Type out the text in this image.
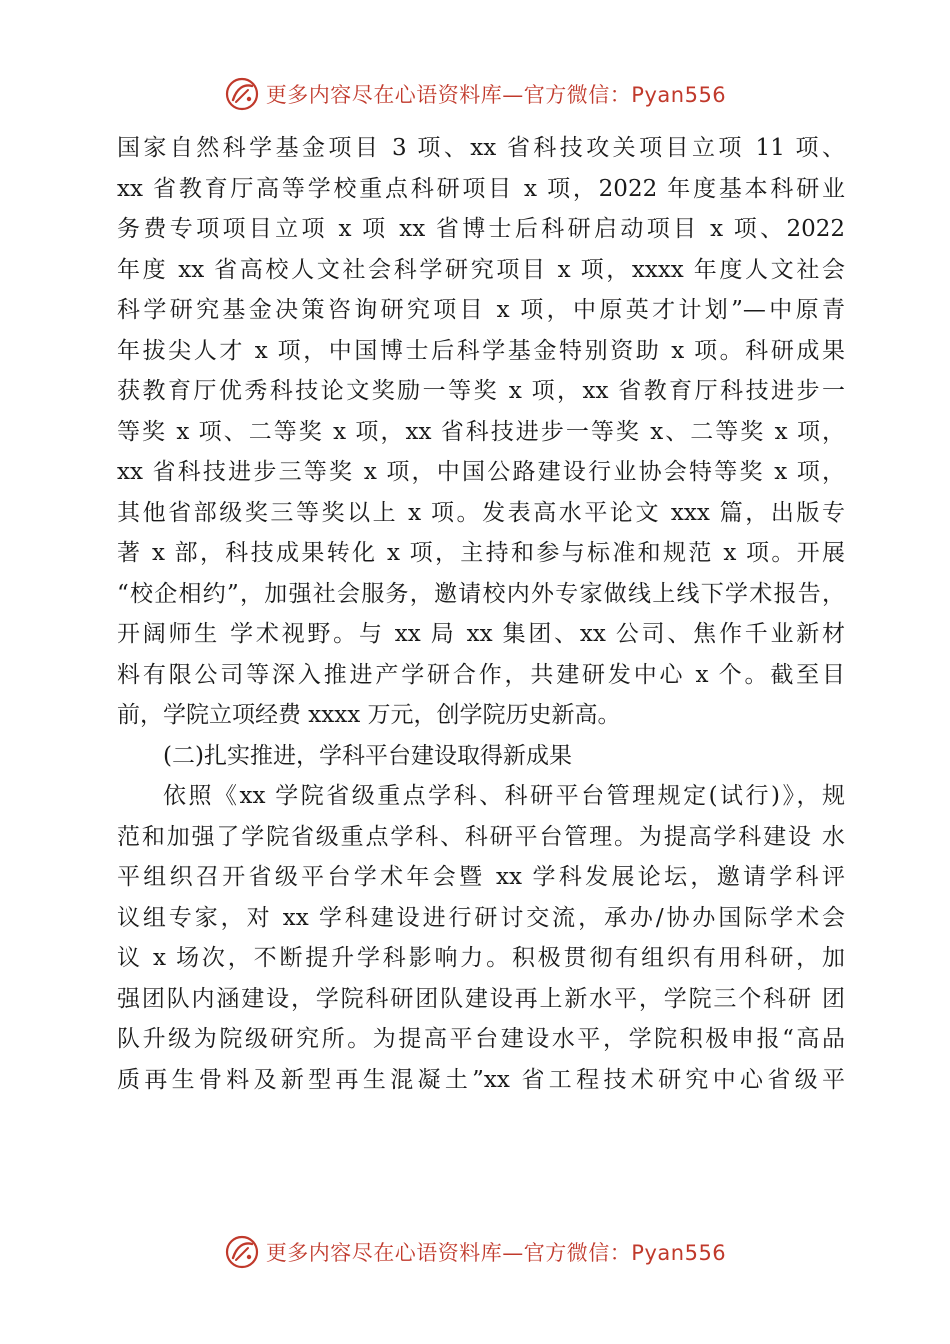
更多内容尽在心语资料库—官方微信：Pyan556
国家自然科学基金项目 3 项、xx 省科技攻关项目立项 11 项、
xx 省教育厅高等学校重点科研项目 x 项，2022 年度基本科研业
务费专项项目立项 x 项 xx 省博士后科研启动项目 x 项、2022
年度 xx 省高校人文社会科学研究项目 x 项，xxxx 年度人文社会
科学研究基金决策咨询研究项目 x 项，中原英才计划”—中原青
年拔尖人才 x 项，中国博士后科学基金特别资助 x 项。科研成果
获教育厅优秀科技论文奖励一等奖 x 项，xx 省教育厅科技进步一
等奖 x 项、二等奖 x 项，xx 省科技进步一等奖 x、二等奖 x 项，
xx 省科技进步三等奖 x 项，中国公路建设行业协会特等奖 x 项，
其他省部级奖三等奖以上 x 项。发表高水平论文 xxx 篇，出版专
著 x 部，科技成果转化 x 项，主持和参与标准和规范 x 项。开展
“校企相约”，加强社会服务，邀请校内外专家做线上线下学术报告，
开阔师生 学术视野。与 xx 局 xx 集团、xx 公司、焦作千业新材
料有限公司等深入推进产学研合作，共建研发中心 x 个。截至目
前，学院立项经费 xxxx 万元，创学院历史新高。
(二)扎实推进，学科平台建设取得新成果
依照《xx 学院省级重点学科、科研平台管理规定(试行)》，规
范和加强了学院省级重点学科、科研平台管理。为提高学科建设 水
平组织召开省级平台学术年会暨 xx 学科发展论坛，邀请学科评
议组专家，对 xx 学科建设进行研讨交流，承办/协办国际学术会
议 x 场次，不断提升学科影响力。积极贯彻有组织有用科研，加
强团队内涵建设，学院科研团队建设再上新水平，学院三个科研 团
队升级为院级研究所。为提高平台建设水平，学院积极申报“高品
质再生骨料及新型再生混凝土”xx 省工程技术研究中心省级平
更多内容尽在心语资料库—官方微信：Pyan556
